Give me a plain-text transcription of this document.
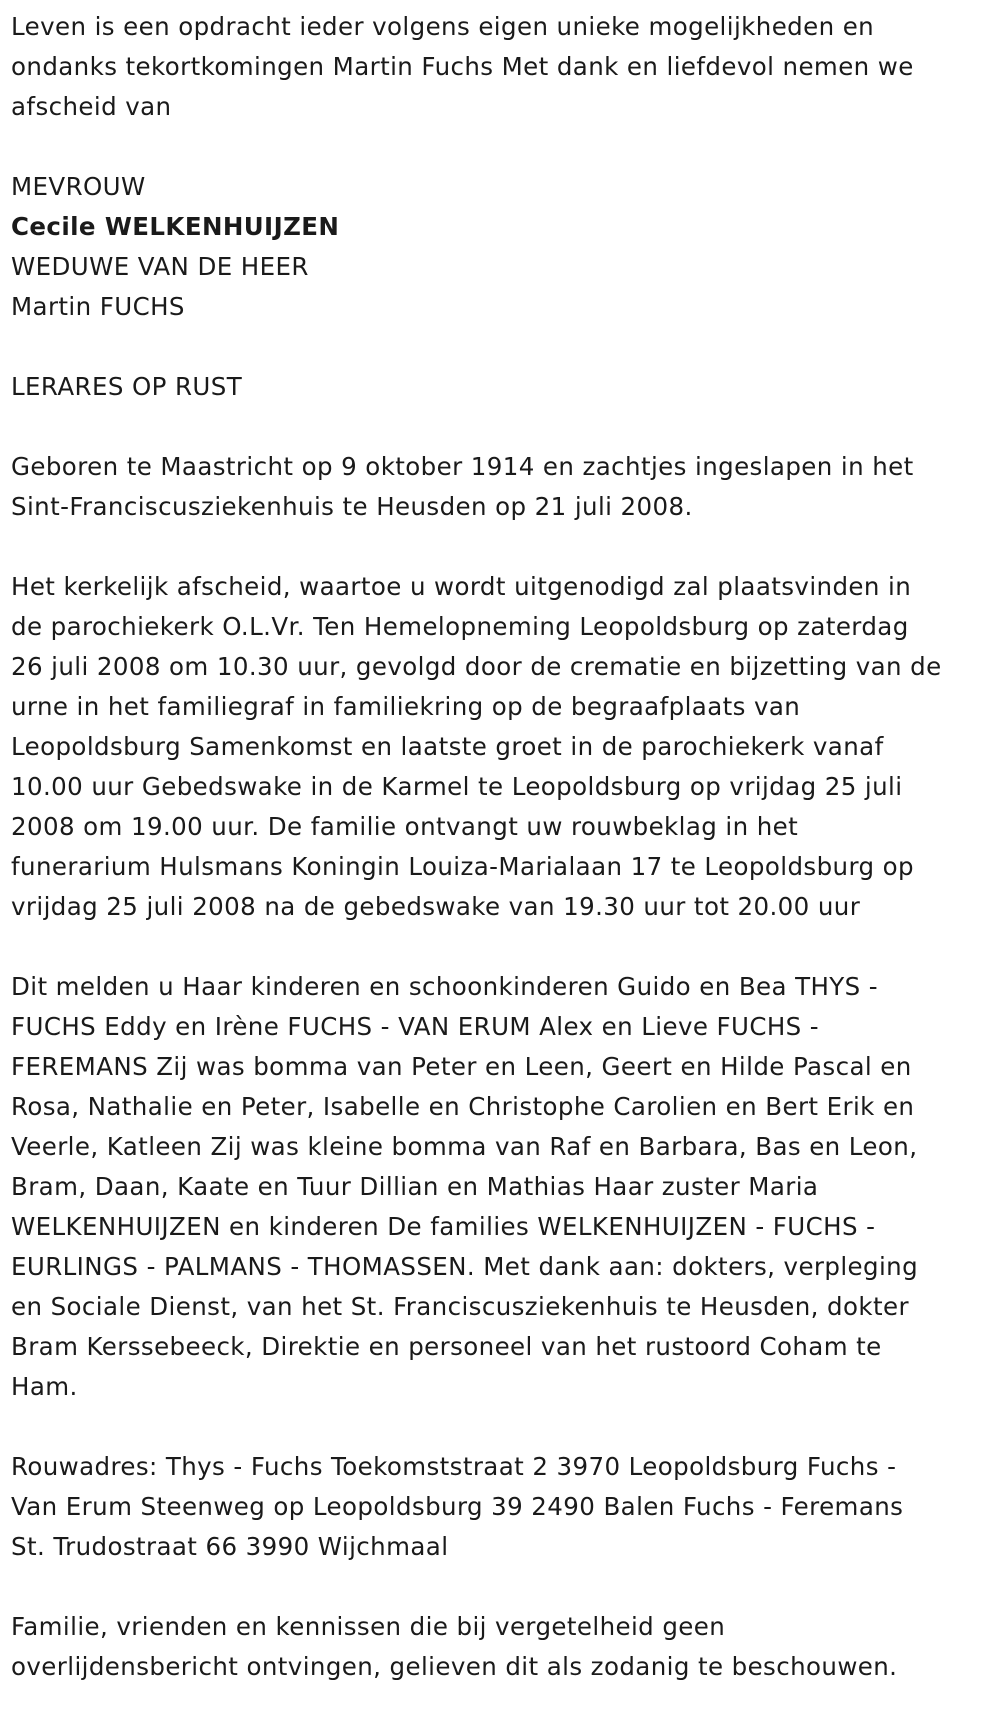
Leven is een opdracht ieder volgens eigen unieke mogelijkheden en
ondanks tekortkomingen Martin Fuchs Met dank en liefdevol nemen we
afscheid van
MEVROUW
Cecile WELKENHUIJZEN
WEDUWE VAN DE HEER
Martin FUCHS
LERARES OP RUST
Geboren te Maastricht op 9 oktober 1914 en zachtjes ingeslapen in het
Sint-Franciscusziekenhuis te Heusden op 21 juli 2008.
Het kerkelijk afscheid, waartoe u wordt uitgenodigd zal plaatsvinden in
de parochiekerk O.L.Vr. Ten Hemelopneming Leopoldsburg op zaterdag
26 juli 2008 om 10.30 uur, gevolgd door de crematie en bijzetting van de
urne in het familiegraf in familiekring op de begraafplaats van
Leopoldsburg Samenkomst en laatste groet in de parochiekerk vanaf
10.00 uur Gebedswake in de Karmel te Leopoldsburg op vrijdag 25 juli
2008 om 19.00 uur. De familie ontvangt uw rouwbeklag in het
funerarium Hulsmans Koningin Louiza-Marialaan 17 te Leopoldsburg op
vrijdag 25 juli 2008 na de gebedswake van 19.30 uur tot 20.00 uur
Dit melden u Haar kinderen en schoonkinderen Guido en Bea THYS -
FUCHS Eddy en Irène FUCHS - VAN ERUM Alex en Lieve FUCHS -
FEREMANS Zij was bomma van Peter en Leen, Geert en Hilde Pascal en
Rosa, Nathalie en Peter, Isabelle en Christophe Carolien en Bert Erik en
Veerle, Katleen Zij was kleine bomma van Raf en Barbara, Bas en Leon,
Bram, Daan, Kaate en Tuur Dillian en Mathias Haar zuster Maria
WELKENHUIJZEN en kinderen De families WELKENHUIJZEN - FUCHS -
EURLINGS - PALMANS - THOMASSEN. Met dank aan: dokters, verpleging
en Sociale Dienst, van het St. Franciscusziekenhuis te Heusden, dokter
Bram Kerssebeeck, Direktie en personeel van het rustoord Coham te
Ham.
Rouwadres: Thys - Fuchs Toekomststraat 2 3970 Leopoldsburg Fuchs -
Van Erum Steenweg op Leopoldsburg 39 2490 Balen Fuchs - Feremans
St. Trudostraat 66 3990 Wijchmaal
Familie, vrienden en kennissen die bij vergetelheid geen
overlijdensbericht ontvingen, gelieven dit als zodanig te beschouwen.
